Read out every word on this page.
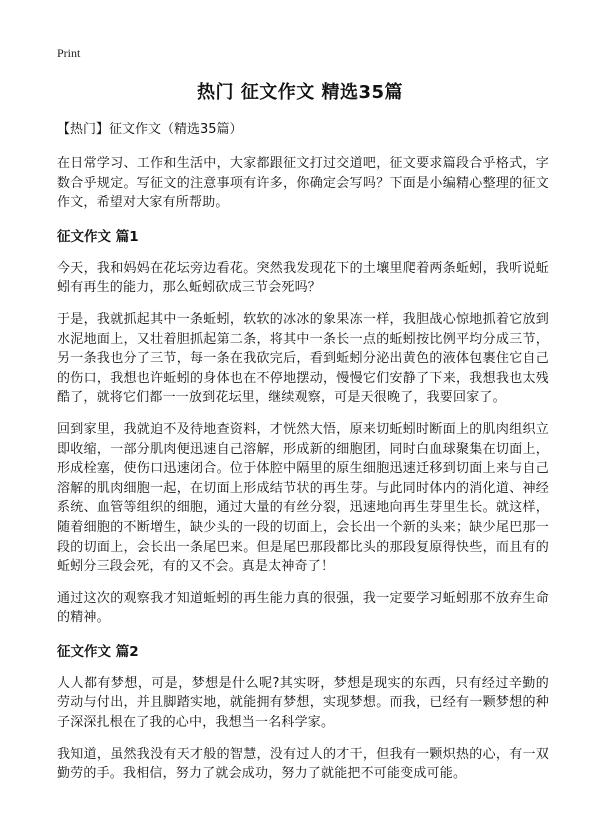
Print
热门 征文作文 精选35篇
【热门】征文作文（精选35篇）

在日常学习、工作和生活中，大家都跟征文打过交道吧，征文要求篇段合乎格式，字数合乎规定。写征文的注意事项有许多，你确定会写吗？下面是小编精心整理的征文作文，希望对大家有所帮助。

征文作文 篇1

今天，我和妈妈在花坛旁边看花。突然我发现花下的土壤里爬着两条蚯蚓，我听说蚯蚓有再生的能力，那么蚯蚓砍成三节会死吗？

于是，我就抓起其中一条蚯蚓，软软的冰冰的象果冻一样，我胆战心惊地抓着它放到水泥地面上，又壮着胆抓起第二条，将其中一条长一点的蚯蚓按比例平均分成三节，另一条我也分了三节，每一条在我砍完后，看到蚯蚓分泌出黄色的液体包裹住它自己的伤口，我想也许蚯蚓的身体也在不停地摆动，慢慢它们安静了下来，我想我也太残酷了，就将它们都一一放到花坛里，继续观察，可是天很晚了，我要回家了。

回到家里，我就迫不及待地查资料，才恍然大悟，原来切蚯蚓时断面上的肌肉组织立即收缩，一部分肌肉便迅速自己溶解，形成新的细胞团，同时白血球聚集在切面上，形成栓塞，使伤口迅速闭合。位于体腔中隔里的原生细胞迅速迁移到切面上来与自己溶解的肌肉细胞一起，在切面上形成结节状的再生芽。与此同时体内的消化道、神经系统、血管等组织的细胞，通过大量的有丝分裂，迅速地向再生芽里生长。就这样，随着细胞的不断增生，缺少头的一段的切面上，会长出一个新的头来；缺少尾巴那一段的切面上，会长出一条尾巴来。但是尾巴那段都比头的那段复原得快些，而且有的蚯蚓分三段会死，有的又不会。真是太神奇了！

通过这次的观察我才知道蚯蚓的再生能力真的很强，我一定要学习蚯蚓那不放弃生命的精神。

征文作文 篇2

人人都有梦想，可是，梦想是什么呢?其实呀，梦想是现实的东西，只有经过辛勤的劳动与付出，并且脚踏实地，就能拥有梦想，实现梦想。而我，已经有一颗梦想的种子深深扎根在了我的心中，我想当一名科学家。

我知道，虽然我没有天才般的智慧，没有过人的才干，但我有一颗炽热的心，有一双勤劳的手。我相信，努力了就会成功，努力了就能把不可能变成可能。
